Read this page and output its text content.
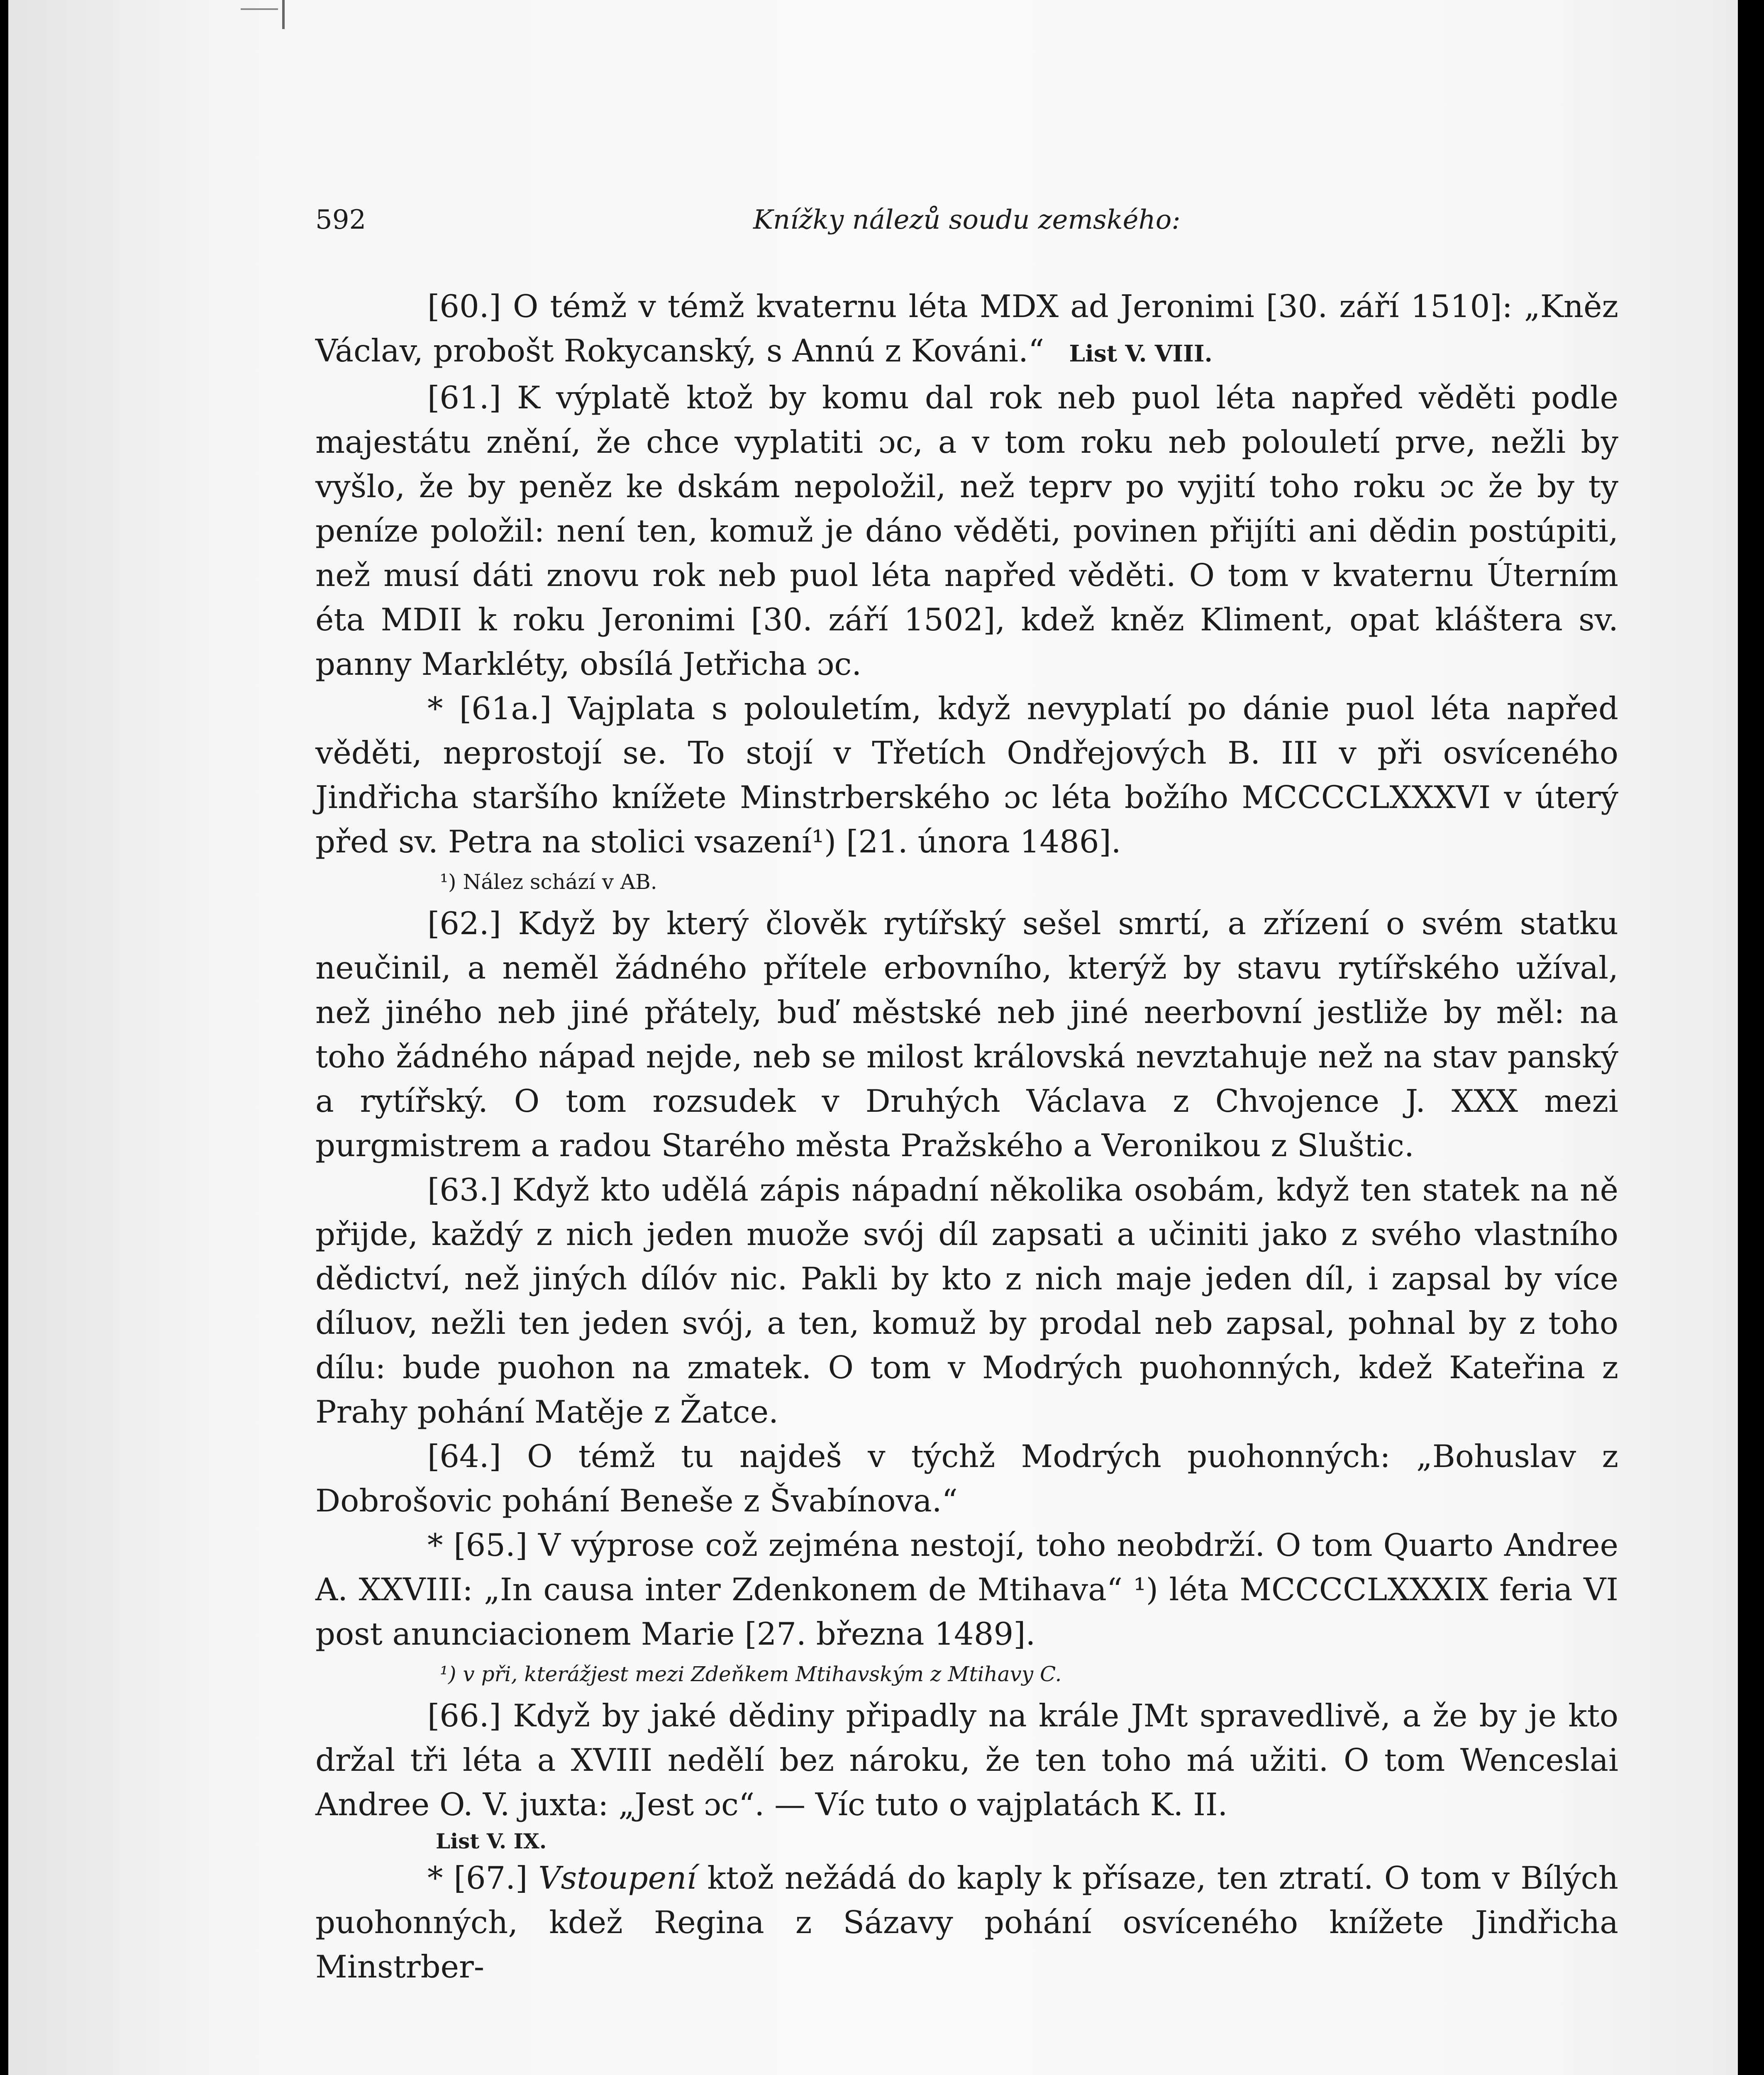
592	Knížky nálezů soudu zemského:

[60.] O témž v témž kvaternu léta MDX ad Jeronimi [30. září 1510]: „Kněz Václav, probošt Rokycanský, s Annú z Kováni.“ List V. VIII.

[61.] K výplatě ktož by komu dal rok neb puol léta napřed věděti podle majestátu znění, že chce vyplatiti ɔc, a v tom roku neb polouletí prve, nežli by vyšlo, že by peněz ke dskám nepoložil, než teprv po vyjití toho roku ɔc že by ty peníze položil: není ten, komuž je dáno věděti, povinen přijíti ani dědin postúpiti, než musí dáti znovu rok neb puol léta napřed věděti. O tom v kvaternu Úterním éta MDII k roku Jeronimi [30. září 1502], kdež kněz Kliment, opat kláštera sv. panny Markléty, obsílá Jetřicha ɔc.

* [61a.] Vajplata s polouletím, když nevyplatí po dánie puol léta napřed věděti, neprostojí se. To stojí v Třetích Ondřejových B. III v při osvíceného Jindřicha staršího knížete Minstrberského ɔc léta božího MCCCCLXXXVI v úterý před sv. Petra na stolici vsazení¹) [21. února 1486].

¹) Nález schází v AB.

[62.] Když by který člověk rytířský sešel smrtí, a zřízení o svém statku neučinil, a neměl žádného přítele erbovního, kterýž by stavu rytířského užíval, než jiného neb jiné přátely, buď městské neb jiné neerbovní jestliže by měl: na toho žádného nápad nejde, neb se milost královská nevztahuje než na stav panský a rytířský. O tom rozsudek v Druhých Václava z Chvojence J. XXX mezi purgmistrem a radou Starého města Pražského a Veronikou z Sluštic.

[63.] Když kto udělá zápis nápadní několika osobám, když ten statek na ně přijde, každý z nich jeden muože svój díl zapsati a učiniti jako z svého vlastního dědictví, než jiných dílóv nic. Pakli by kto z nich maje jeden díl, i zapsal by více díluov, nežli ten jeden svój, a ten, komuž by prodal neb zapsal, pohnal by z toho dílu: bude puohon na zmatek. O tom v Modrých puohonných, kdež Kateřina z Prahy pohání Matěje z Žatce.

[64.] O témž tu najdeš v týchž Modrých puohonných: „Bohuslav z Dobrošovic pohání Beneše z Švabínova.“

* [65.] V výprose což zejména nestojí, toho neobdrží. O tom Quarto Andree A. XXVIII: „In causa inter Zdenkonem de Mtihava“ ¹) léta MCCCCLXXXIX feria VI post anunciacionem Marie [27. března 1489].

¹) v při, kterážjest mezi Zdeňkem Mtihavským z Mtihavy C.

[66.] Když by jaké dědiny připadly na krále JMt spravedlivě, a že by je kto držal tři léta a XVIII nedělí bez nároku, že ten toho má užiti. O tom Wenceslai Andree O. V. juxta: „Jest ɔc“. — Víc tuto o vajplatách K. II.

List V. IX.

* [67.] Vstoupení ktož nežádá do kaply k přísaze, ten ztratí. O tom v Bílých puohonných, kdež Regina z Sázavy pohání osvíceného knížete Jindřicha Minstrber-
